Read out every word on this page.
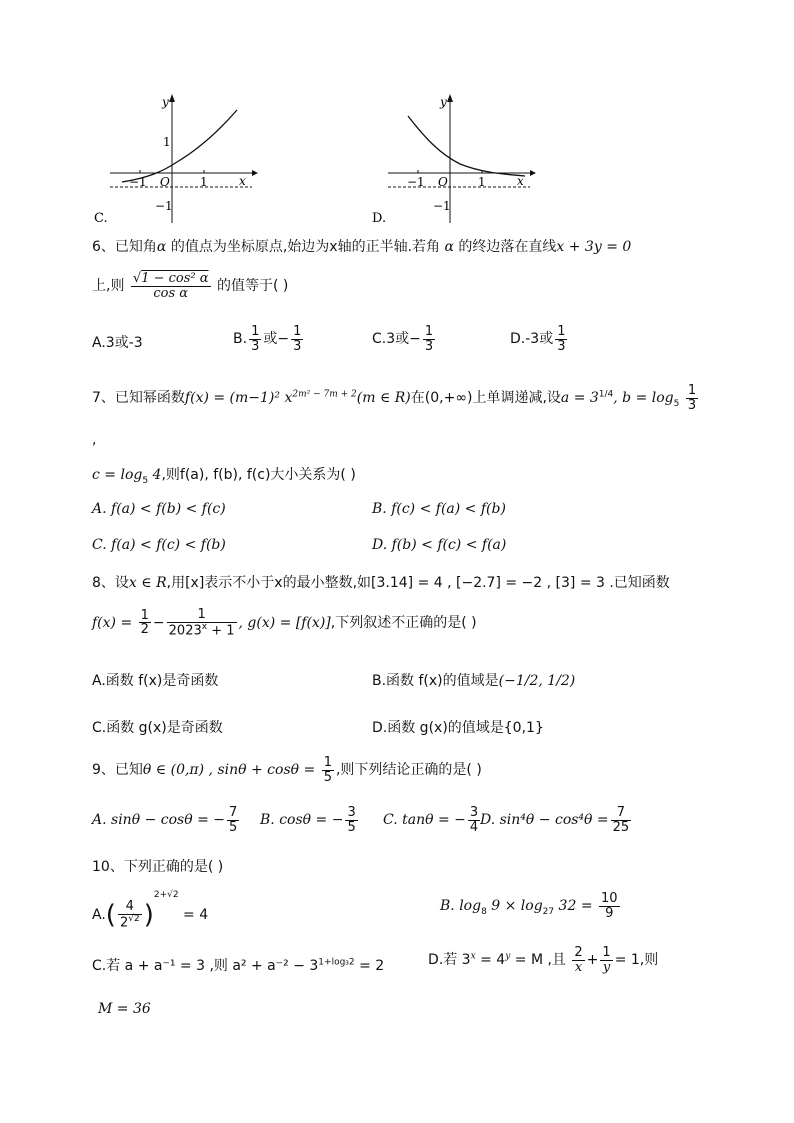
y
x
O
−1	1
1
−1
C.
y
x
O
−1	1
−1
D.
6、已知角α 的值点为坐标原点,始边为x轴的正半轴.若角 α 的终边落在直线x + 3y = 0
上,则 $\frac{\text{√1 − cos² α}}{\text{cos α}}$ 的值等于( )
A.3或-3	B. $\frac{1}{3}$ 或− $\frac{1}{3}$	C.3或− $\frac{1}{3}$	D.-3或 $\frac{1}{3}$
7、已知幂函数f(x) = (m−1)² $x^{2m^2 - 7m + 2}(m$ ∈ R)在(0,+∞)上单调递减,设$a = 3^{1/4}$, $b = \log_5 \frac{1}{3}$
,
$c = \log_5 4$,则f(a), f(b), f(c)大小关系为( )
A. f(a) < f(b) < f(c)	B. f(c) < f(a) < f(b)
C. f(a) < f(c) < f(b)	D. f(b) < f(c) < f(a)
8、设x ∈ R,用[x]表示不小于x的最小整数,如[3.14] = 4 , [−2.7] = −2 , [3] = 3 .已知函数
$f(x) = \frac{1}{2} - \frac{1}{2023^x + 1}$ , g(x) = [f(x)],下列叙述不正确的是( )
A.函数 f(x)是奇函数	B.函数 f(x)的值域是(−1/2, 1/2)
C.函数 g(x)是奇函数	D.函数 g(x)的值域是{0,1}
9、已知θ ∈ (0,π) , $\sin\theta + \cos\theta = \frac{1}{5}$ ,则下列结论正确的是( )
A. sinθ − cosθ = − $\frac{7}{5} B$. cosθ = − $\frac{3}{5} C$. tanθ = − $\frac{3}{4} D$. $\sin^4\theta - \cos^4\theta = \frac{7}{25}$
10、下列正确的是( )
$A.( \frac{4}{2^{√2}} )^{2+√2} = 4$
B. $\log_8 9 \times \log_{27} 32 = \frac{10}{9}$
C.若 a + a⁻¹ = 3 ,则 $a^2 + a^{-2} - 3^{1+log_32} = 2$	D.若 $3^x = 4^y = M$ ,且 $\frac{2}{x} + \frac{1}{y} = 1$,则
M = 36
